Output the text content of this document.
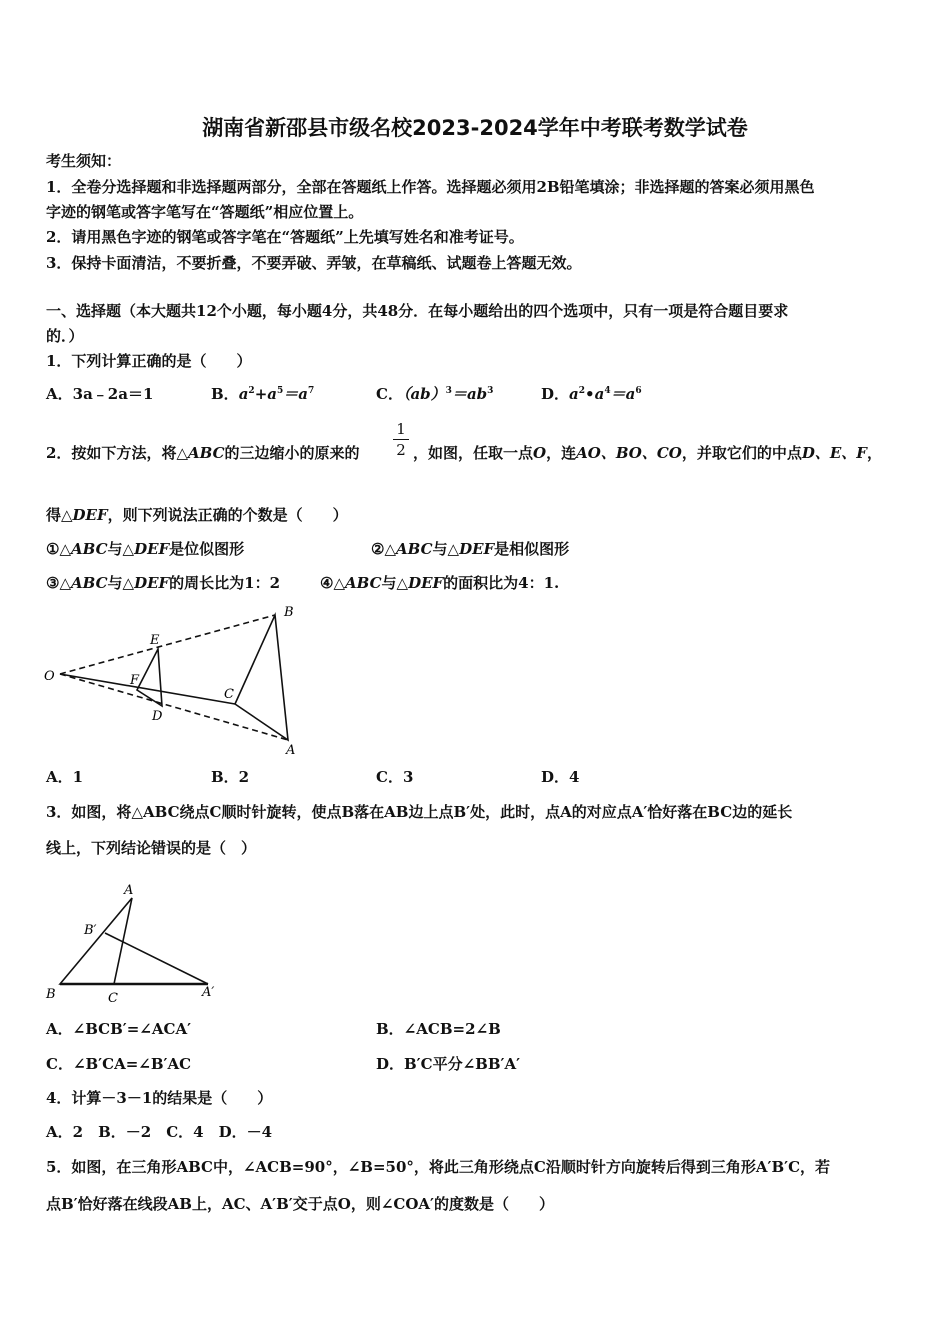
湖南省新邵县市级名校2023-2024学年中考联考数学试卷
考生须知：
1．全卷分选择题和非选择题两部分，全部在答题纸上作答。选择题必须用2B铅笔填涂；非选择题的答案必须用黑色
字迹的钢笔或答字笔写在“答题纸”相应位置上。
2．请用黑色字迹的钢笔或答字笔在“答题纸”上先填写姓名和准考证号。
3．保持卡面清洁，不要折叠，不要弄破、弄皱，在草稿纸、试题卷上答题无效。
一、选择题（本大题共12个小题，每小题4分，共48分．在每小题给出的四个选项中，只有一项是符合题目要求
的．）
1．下列计算正确的是（　　）
A．3a﹣2a＝1	B．$a^2+a^5=a^7$	C．$(ab)^3=ab^3$	D．$a^2•a^4=a^6$
2．按如下方法，将△ABC的三边缩小的原来的
1
2 ，如图，任取一点O，连AO、BO、CO，并取它们的中点D、E、F，
得△DEF，则下列说法正确的个数是（　　）
①△ABC与△DEF是位似图形	②△ABC与△DEF是相似图形
③△ABC与△DEF的周长比为1：2	④△ABC与△DEF的面积比为4：1.
O
E
F
D
C
B
A
A．1	B．2	C．3	D．4
3．如图，将△ABC绕点C顺时针旋转，使点B落在AB边上点B′处，此时，点A的对应点A′恰好落在BC边的延长
线上，下列结论错误的是（　）
A
B′
B	C	A′
A．∠BCB′=∠ACA′	B．∠ACB=2∠B
C．∠B′CA=∠B′AC	D．B′C平分∠BB′A′
4．计算－3－1的结果是（　　）
A．2　B．－2　C．4　D．－4
5．如图，在三角形ABC中，∠ACB=90°，∠B=50°，将此三角形绕点C沿顺时针方向旋转后得到三角形A′B′C，若
点B′恰好落在线段AB上，AC、A′B′交于点O，则∠COA′的度数是（　　）
